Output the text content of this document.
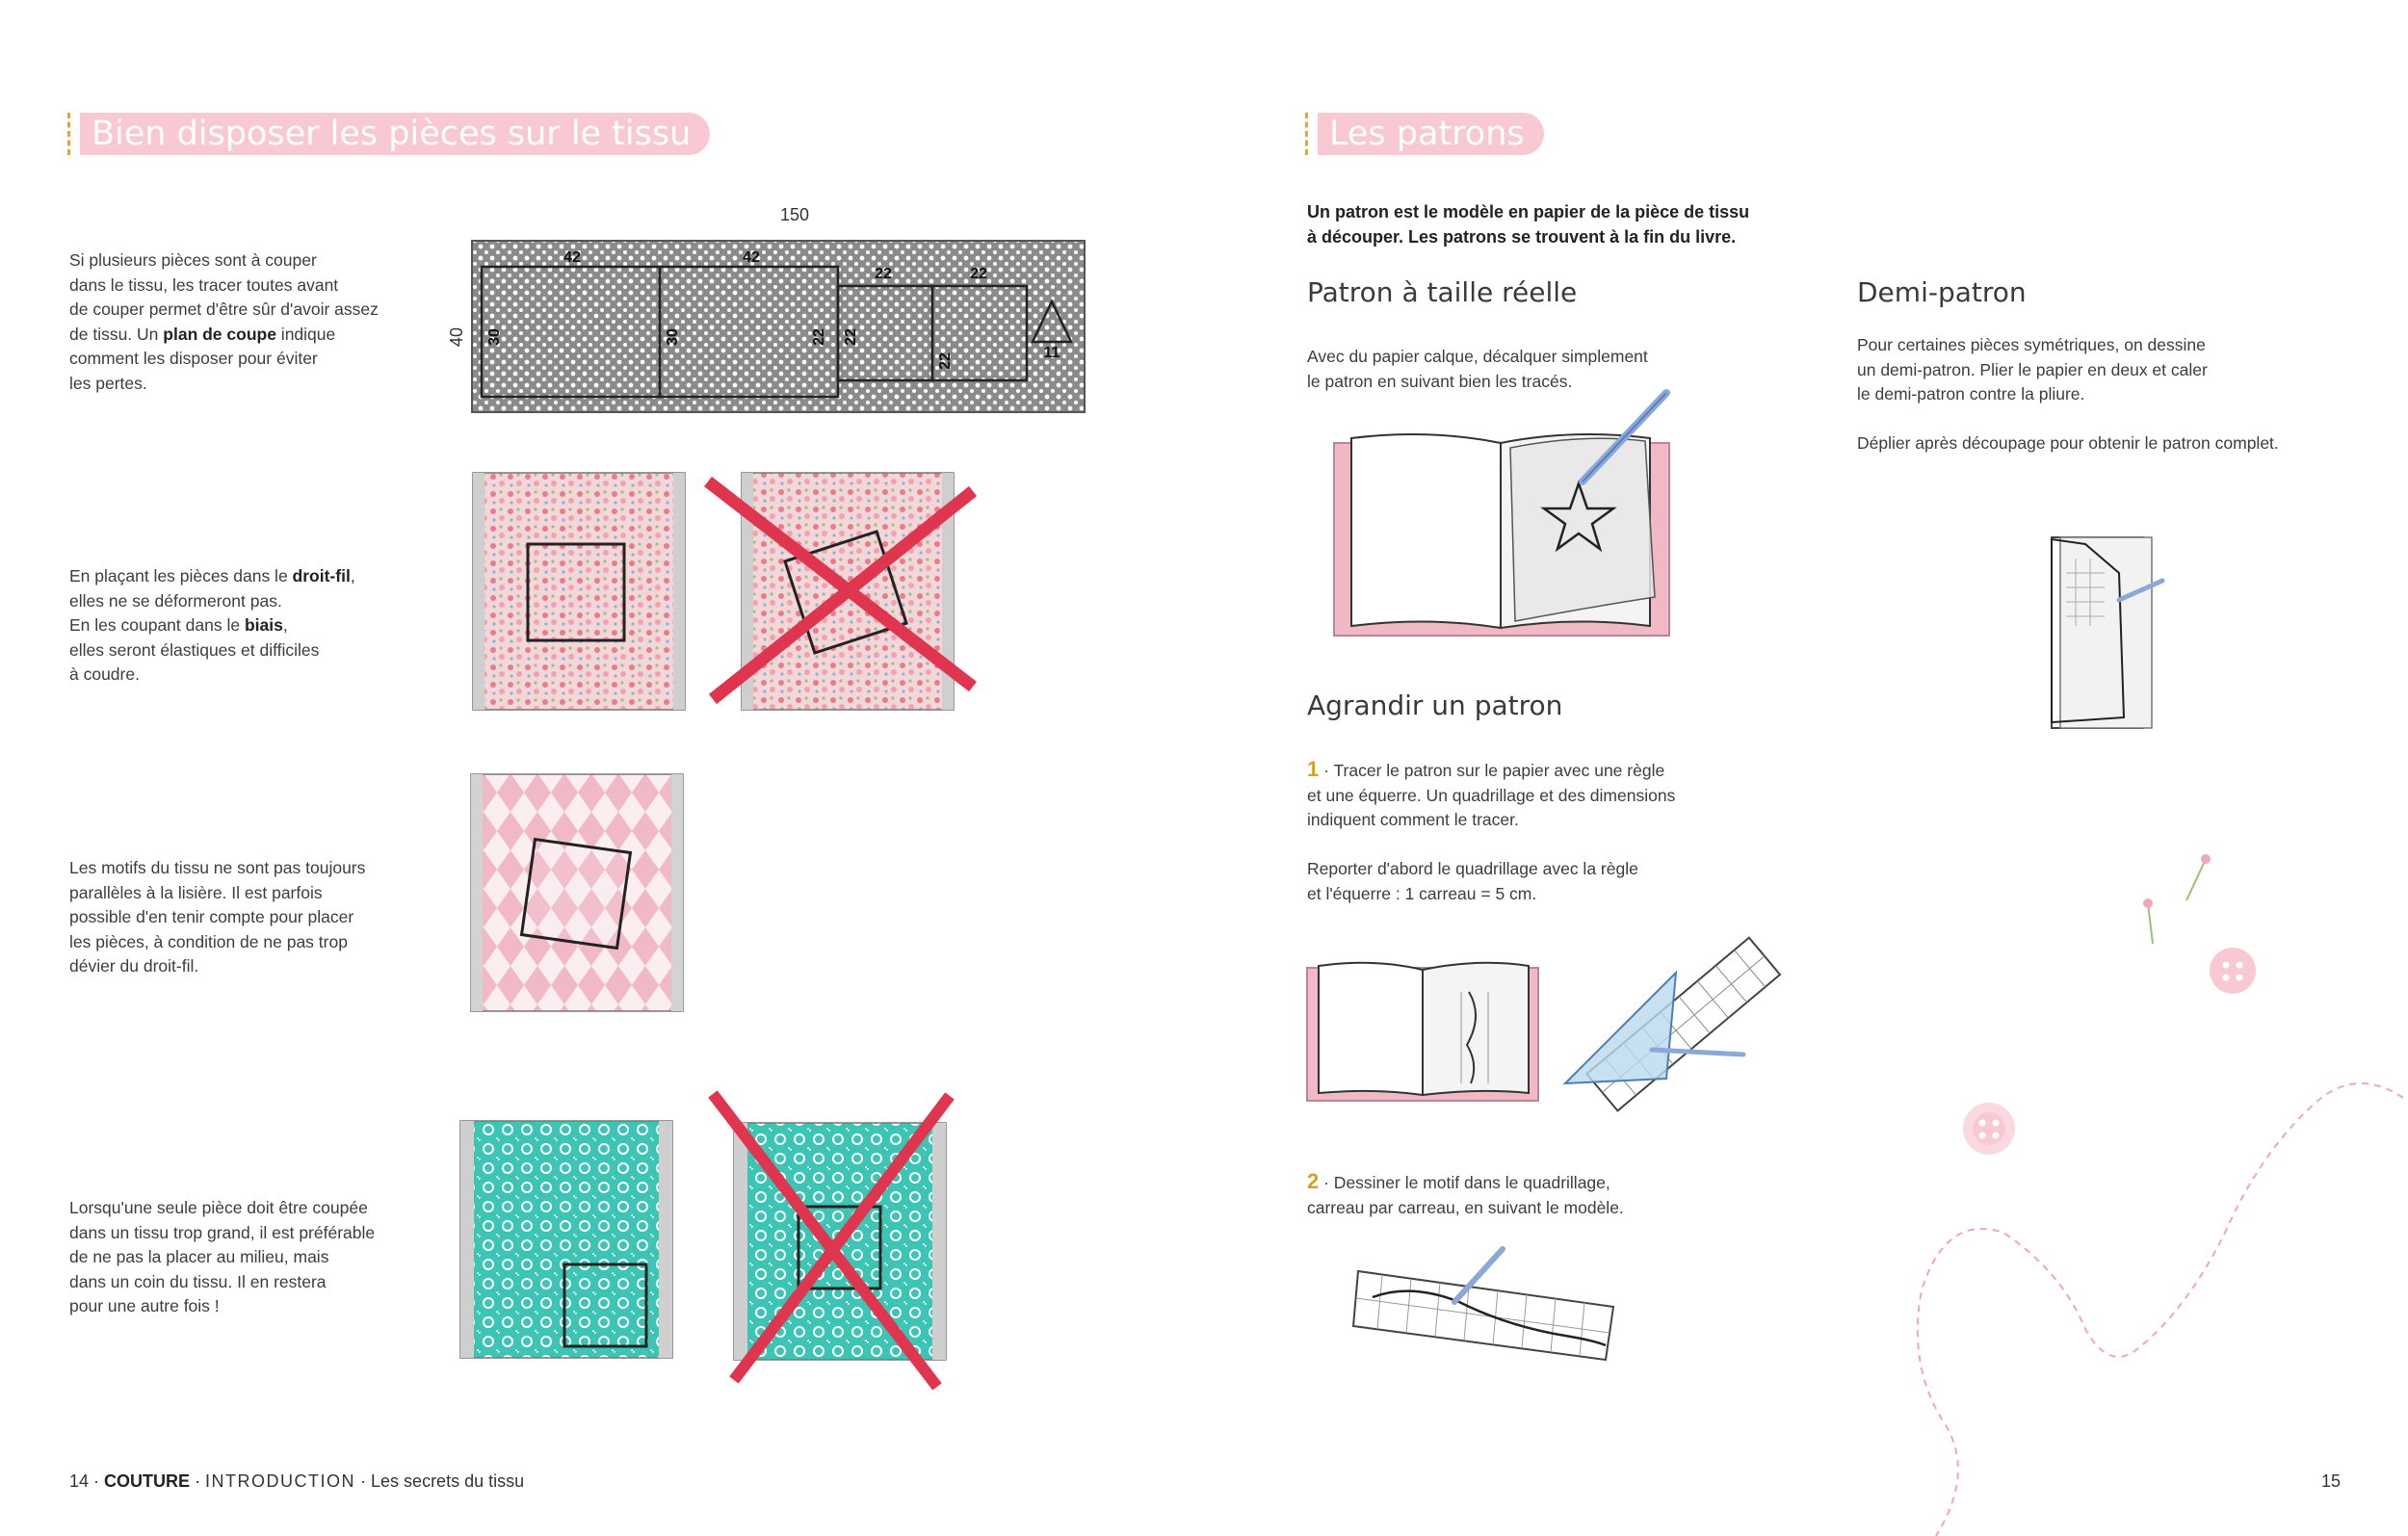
Bien disposer les pièces sur le tissu
Si plusieurs pièces sont à couper
dans le tissu, les tracer toutes avant
de couper permet d'être sûr d'avoir assez
de tissu. Un plan de coupe indique
comment les disposer pour éviter
les pertes.
En plaçant les pièces dans le droit-fil,
elles ne se déformeront pas.
En les coupant dans le biais,
elles seront élastiques et difficiles
à coudre.
Les motifs du tissu ne sont pas toujours
parallèles à la lisière. Il est parfois
possible d'en tenir compte pour placer
les pièces, à condition de ne pas trop
dévier du droit-fil.
Lorsqu'une seule pièce doit être coupée
dans un tissu trop grand, il est préférable
de ne pas la placer au milieu, mais
dans un coin du tissu. Il en restera
pour une autre fois !
150
40
42	42
22	22
30	30	22 22
22	11
Les patrons
Un patron est le modèle en papier de la pièce de tissu
à découper. Les patrons se trouvent à la fin du livre.
Patron à taille réelle
Avec du papier calque, décalquer simplement
le patron en suivant bien les tracés.
Demi-patron
Pour certaines pièces symétriques, on dessine
un demi-patron. Plier le papier en deux et caler
le demi-patron contre la pliure.

Déplier après découpage pour obtenir le patron complet.
Agrandir un patron
1 · Tracer le patron sur le papier avec une règle
et une équerre. Un quadrillage et des dimensions
indiquent comment le tracer.

Reporter d'abord le quadrillage avec la règle
et l'équerre : 1 carreau = 5 cm.
2 · Dessiner le motif dans le quadrillage,
carreau par carreau, en suivant le modèle.
14 · COUTURE · INTRODUCTION · Les secrets du tissu	15
